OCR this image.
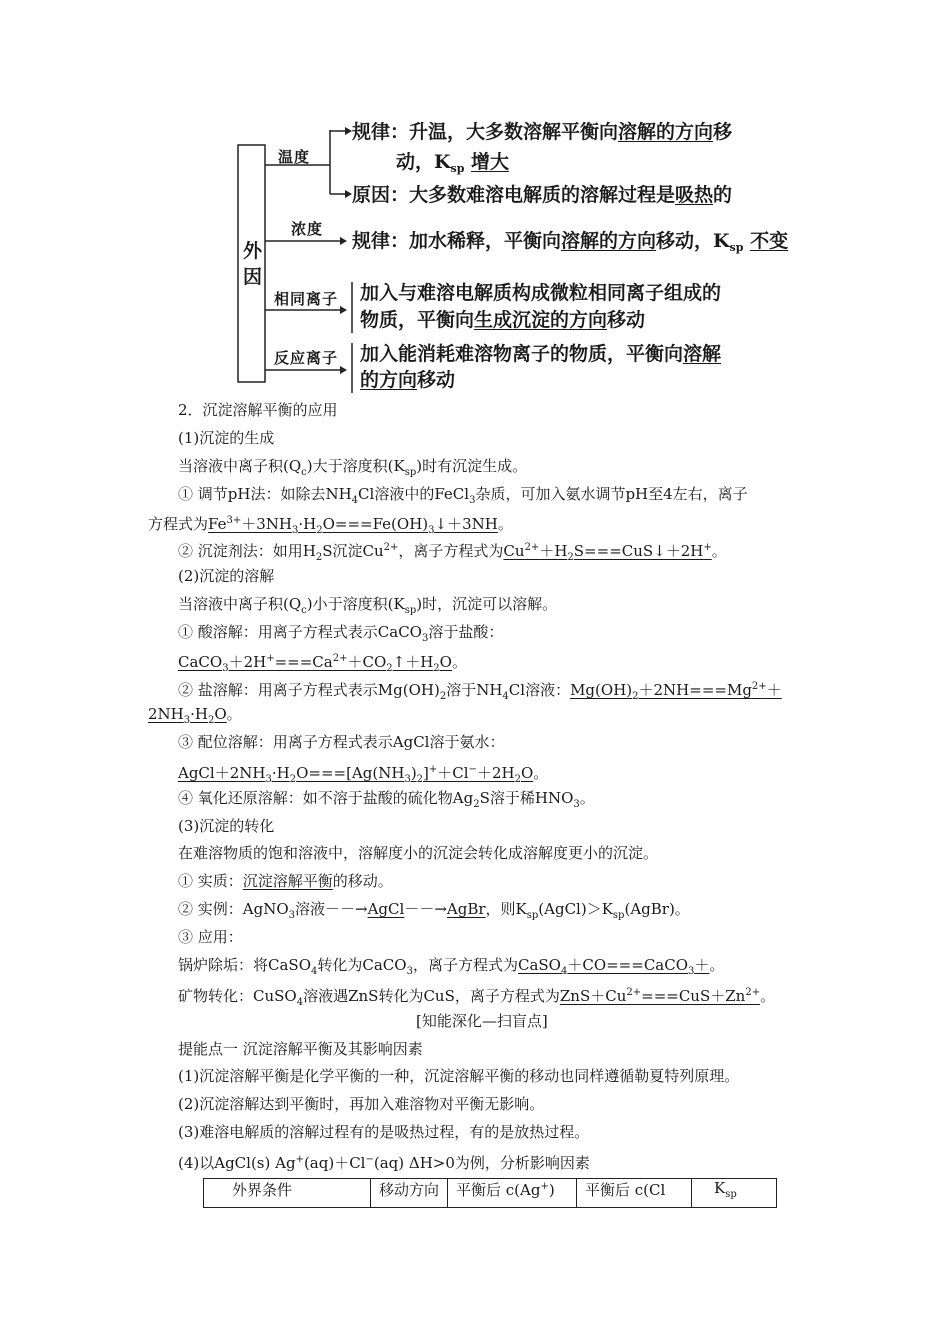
外因
温度
规律：升温，大多数溶解平衡向溶解的方向移
动，$K_{sp}$ 增大
原因：大多数难溶电解质的溶解过程是吸热的
浓度
规律：加水稀释，平衡向溶解的方向移动，$K_{sp}$ 不变
相同离子 加入与难溶电解质构成微粒相同离子组成的
物质，平衡向生成沉淀的方向移动
反应离子 加入能消耗难溶物离子的物质，平衡向溶解
的方向移动
2．沉淀溶解平衡的应用
(1)沉淀的生成
当溶液中离子积$(Q_c)$大于溶度积$(K_{sp})$时有沉淀生成。
① 调节pH法：如除去$NH_4Cl$溶液中的FeCl$_3$杂质，可加入氨水调节pH至4左右，离子
方程式为$Fe^{3+}+3NH_3\cdot H_2O===Fe(OH)_3↓+3NH$。
② 沉淀剂法：如用$H_2S$沉淀$Cu^{2+}$，离子方程式为$Cu^{2+}+H_2S===CuS↓+2H^+$。
(2)沉淀的溶解
当溶液中离子积$(Q_c)$小于溶度积$(K_{sp})$时，沉淀可以溶解。
① 酸溶解：用离子方程式表示CaCO$_3$溶于盐酸：
$CaCO_3+2H^+===Ca^{2+}+CO_2↑+H_2O$。
② 盐溶解：用离子方程式表示$Mg(OH)_2$溶于$NH_4Cl$溶液：$Mg(OH)_2+2NH===Mg^{2+}+$
$2NH_3\cdot H_2O$。
③ 配位溶解：用离子方程式表示AgCl溶于氨水：
$AgCl+2NH_3\cdot H_2O===[Ag(NH_3)_2]^++Cl^-+2H_2O$。
④ 氧化还原溶解：如不溶于盐酸的硫化物$Ag_2S$溶于稀$HNO_3$。
(3)沉淀的转化
在难溶物质的饱和溶液中，溶解度小的沉淀会转化成溶解度更小的沉淀。
① 实质：沉淀溶解平衡的移动。
② 实例：AgNO$_3$溶液－－→AgCl－－→AgBr，则$K_{sp}(AgCl)>K_{sp}(AgBr)$。
③ 应用：
锅炉除垢：将CaSO$_4$转化为CaCO$_3$，离子方程式为CaSO$_4$＋CO===CaCO$_3$＋。
矿物转化：CuSO$_4$溶液遇ZnS转化为CuS，离子方程式为$ZnS+Cu^{2+}===CuS+Zn^{2+}$。
[知能深化—扫盲点]
提能点一 沉淀溶解平衡及其影响因素
(1)沉淀溶解平衡是化学平衡的一种，沉淀溶解平衡的移动也同样遵循勒夏特列原理。
(2)沉淀溶解达到平衡时，再加入难溶物对平衡无影响。
(3)难溶电解质的溶解过程有的是吸热过程，有的是放热过程。
(4)以AgCl(s) Ag+(aq)＋Cl−(aq) ΔH>0为例，分析影响因素
外界条件	移动方向	平衡后 c(Ag+)	平衡后 c(Cl	$K_{sp}$
